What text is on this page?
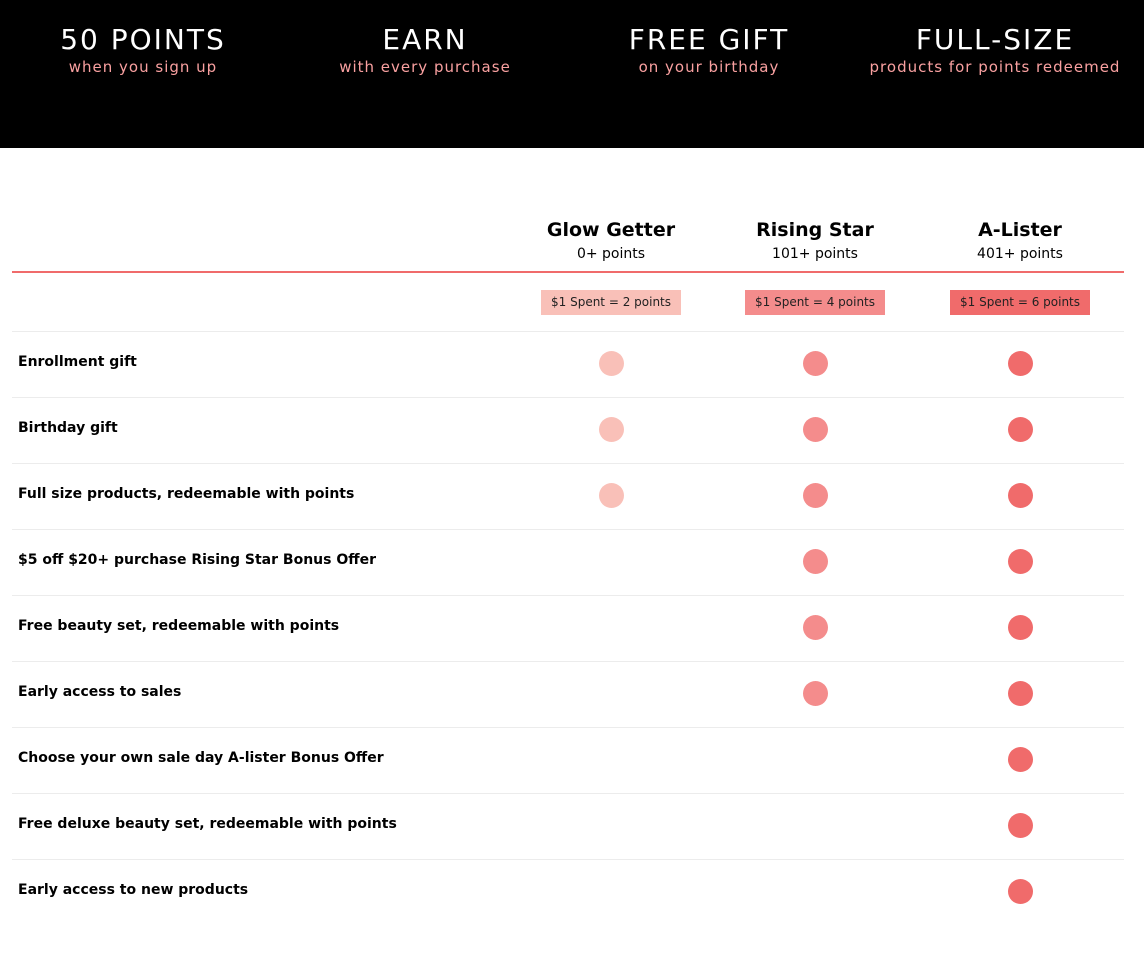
50 POINTS
when you sign up
EARN
with every purchase
FREE GIFT
on your birthday
FULL-SIZE
products for points redeemed
Glow Getter
0+ points
Rising Star
101+ points
A-Lister
401+ points
$1 Spent = 2 points	$1 Spent = 4 points	$1 Spent = 6 points
Enrollment gift
Birthday gift
Full size products, redeemable with points
$5 off $20+ purchase Rising Star Bonus Offer
Free beauty set, redeemable with points
Early access to sales
Choose your own sale day A-lister Bonus Offer
Free deluxe beauty set, redeemable with points
Early access to new products
